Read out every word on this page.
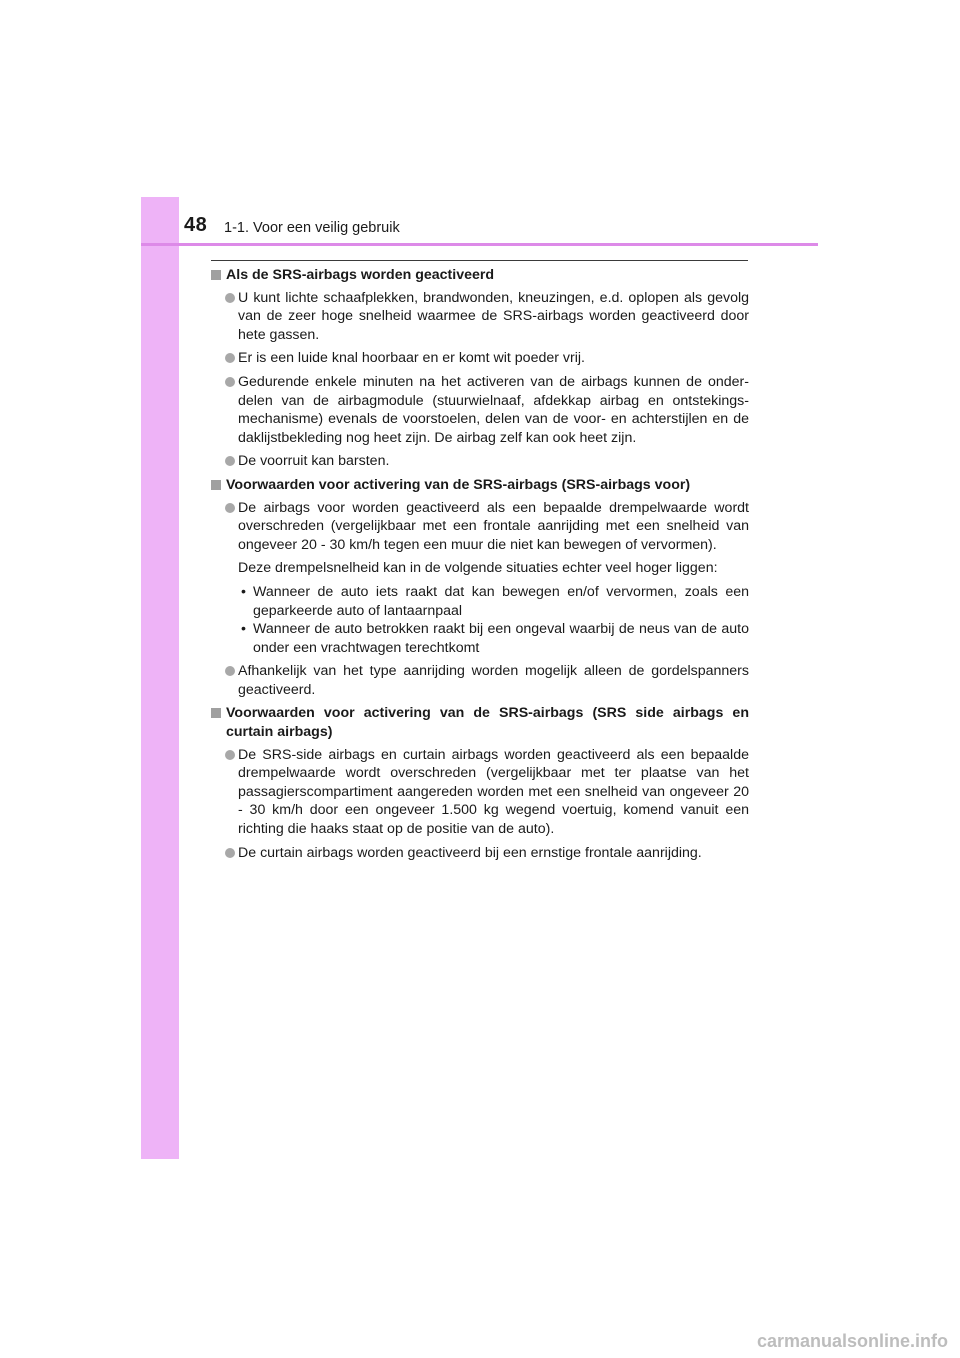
48 1-1. Voor een veilig gebruik
Als de SRS-airbags worden geactiveerd
U kunt lichte schaafplekken, brandwonden, kneuzingen, e.d. oplopen als gevolg van de zeer hoge snelheid waarmee de SRS-airbags worden geactiveerd door hete gassen.
Er is een luide knal hoorbaar en er komt wit poeder vrij.
Gedurende enkele minuten na het activeren van de airbags kunnen de onderdelen van de airbagmodule (stuurwielnaaf, afdekkap airbag en ontstekingsmechanisme) evenals de voorstoelen, delen van de voor- en achterstijlen en de daklijstbekleding nog heet zijn. De airbag zelf kan ook heet zijn.
De voorruit kan barsten.
Voorwaarden voor activering van de SRS-airbags (SRS-airbags voor)
De airbags voor worden geactiveerd als een bepaalde drempelwaarde wordt overschreden (vergelijkbaar met een frontale aanrijding met een snelheid van ongeveer 20 - 30 km/h tegen een muur die niet kan bewegen of vervormen).
Deze drempelsnelheid kan in de volgende situaties echter veel hoger liggen:
• Wanneer de auto iets raakt dat kan bewegen en/of vervormen, zoals een geparkeerde auto of lantaarnpaal
• Wanneer de auto betrokken raakt bij een ongeval waarbij de neus van de auto onder een vrachtwagen terechtkomt
Afhankelijk van het type aanrijding worden mogelijk alleen de gordelspanners geactiveerd.
Voorwaarden voor activering van de SRS-airbags (SRS side airbags en curtain airbags)
De SRS-side airbags en curtain airbags worden geactiveerd als een bepaalde drempelwaarde wordt overschreden (vergelijkbaar met ter plaatse van het passagierscompartiment aangereden worden met een snelheid van ongeveer 20 - 30 km/h door een ongeveer 1.500 kg wegend voertuig, komend vanuit een richting die haaks staat op de positie van de auto).
De curtain airbags worden geactiveerd bij een ernstige frontale aanrijding.
carmanualsonline.info
